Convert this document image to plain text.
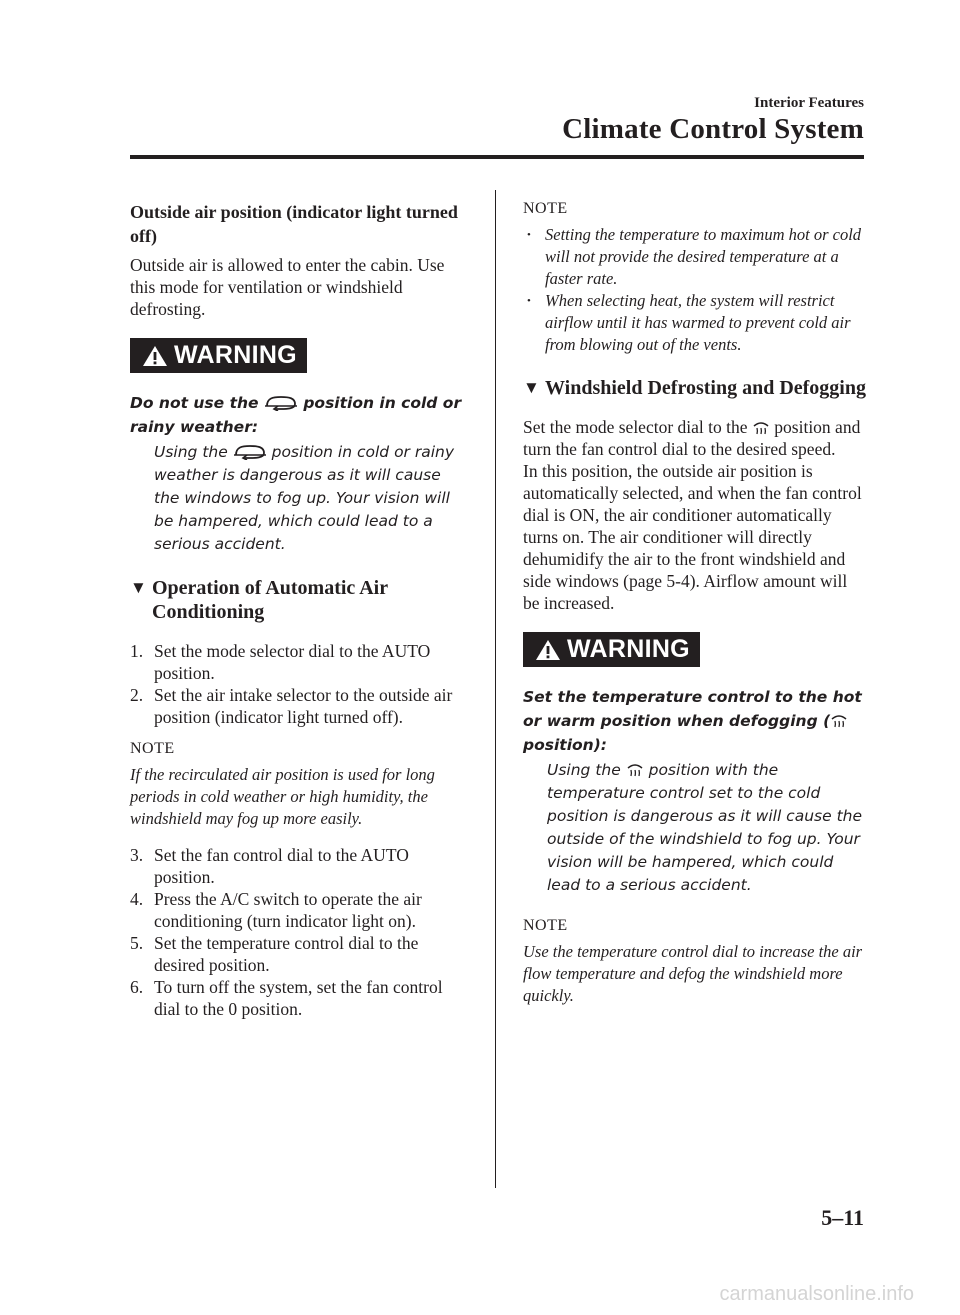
Interior Features
Climate Control System
Outside air position (indicator light turned off)

Outside air is allowed to enter the cabin. Use this mode for ventilation or windshield defrosting.

WARNING

Do not use the  position in cold or rainy weather:

Using the  position in cold or rainy weather is dangerous as it will cause the windows to fog up. Your vision will be hampered, which could lead to a serious accident.

▼ Operation of Automatic Air Conditioning
1. Set the mode selector dial to the AUTO position.
2. Set the air intake selector to the outside air position (indicator light turned off).
NOTE

If the recirculated air position is used for long periods in cold weather or high humidity, the windshield may fog up more easily.

3. Set the fan control dial to the AUTO position.
4. Press the A/C switch to operate the air conditioning (turn indicator light on).
5. Set the temperature control dial to the desired position.
6. To turn off the system, set the fan control dial to the 0 position.
NOTE
• Setting the temperature to maximum hot or cold will not provide the desired temperature at a faster rate.
• When selecting heat, the system will restrict airflow until it has warmed to prevent cold air from blowing out of the vents.
▼ Windshield Defrosting and Defogging

Set the mode selector dial to the  position and turn the fan control dial to the desired speed.

In this position, the outside air position is automatically selected, and when the fan control dial is ON, the air conditioner automatically turns on. The air conditioner will directly dehumidify the air to the front windshield and side windows (page 5-4). Airflow amount will be increased.

WARNING

Set the temperature control to the hot or warm position when defogging ( position):

Using the  position with the temperature control set to the cold position is dangerous as it will cause the outside of the windshield to fog up. Your vision will be hampered, which could lead to a serious accident.

NOTE

Use the temperature control dial to increase the air flow temperature and defog the windshield more quickly.

5–11
carmanualsonline.info
